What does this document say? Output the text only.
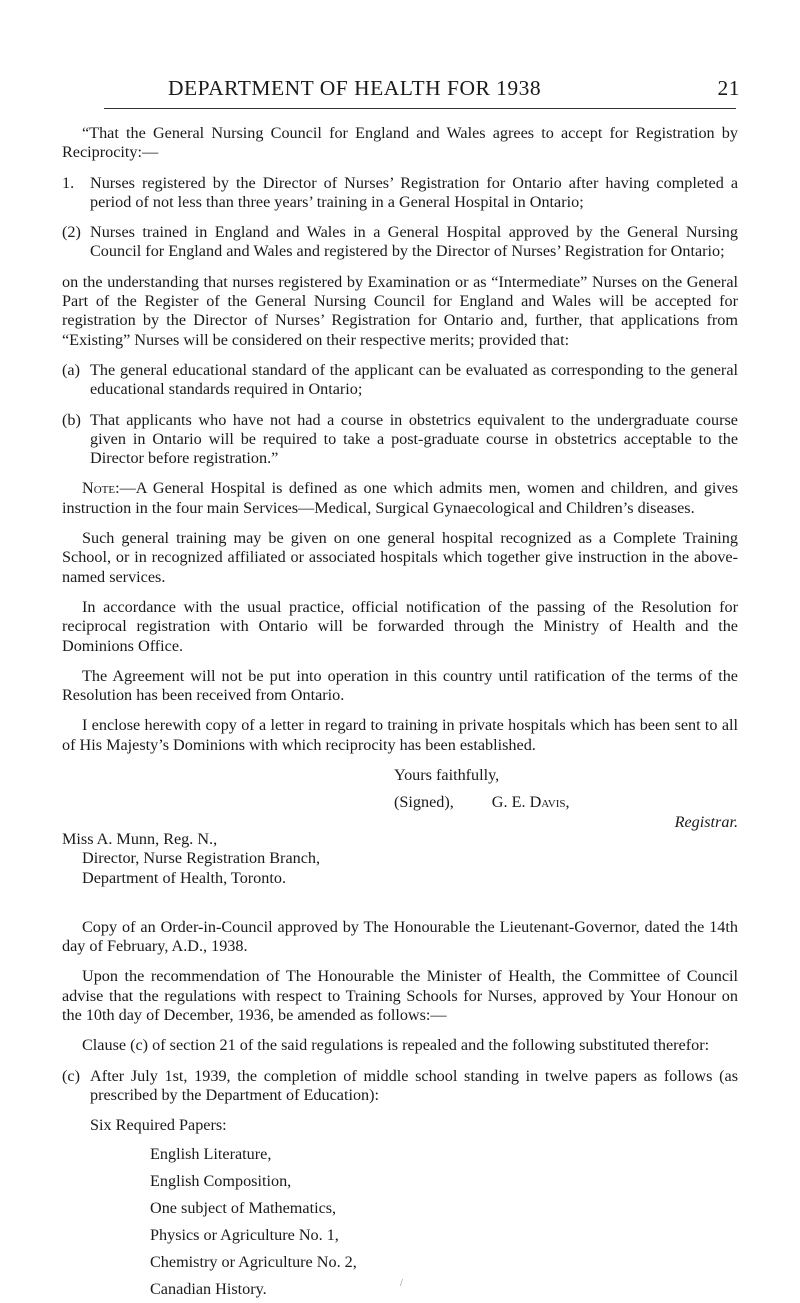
DEPARTMENT OF HEALTH FOR 1938	21

“That the General Nursing Council for England and Wales agrees to accept for Registration by Reciprocity:—

1. Nurses registered by the Director of Nurses’ Registration for Ontario after having completed a period of not less than three years’ training in a General Hospital in Ontario;
(2) Nurses trained in England and Wales in a General Hospital approved by the General Nursing Council for England and Wales and registered by the Director of Nurses’ Registration for Ontario;

on the understanding that nurses registered by Examination or as “Intermediate” Nurses on the General Part of the Register of the General Nursing Council for England and Wales will be accepted for registration by the Director of Nurses’ Registration for Ontario and, further, that applications from “Existing” Nurses will be considered on their respective merits; provided that:

(a) The general educational standard of the applicant can be evaluated as corresponding to the general educational standards required in Ontario;
(b) That applicants who have not had a course in obstetrics equivalent to the undergraduate course given in Ontario will be required to take a post-graduate course in obstetrics acceptable to the Director before registration.”

Note:—A General Hospital is defined as one which admits men, women and children, and gives instruction in the four main Services—Medical, Surgical Gynaecological and Children’s diseases.

Such general training may be given on one general hospital recognized as a Complete Training School, or in recognized affiliated or associated hospitals which together give instruction in the above-named services.

In accordance with the usual practice, official notification of the passing of the Resolution for reciprocal registration with Ontario will be forwarded through the Ministry of Health and the Dominions Office.

The Agreement will not be put into operation in this country until ratification of the terms of the Resolution has been received from Ontario.

I enclose herewith copy of a letter in regard to training in private hospitals which has been sent to all of His Majesty’s Dominions with which reciprocity has been established.

Yours faithfully,
(Signed), G. E. Davis,
Registrar.
Miss A. Munn, Reg. N.,
Director, Nurse Registration Branch,
Department of Health, Toronto.

Copy of an Order-in-Council approved by The Honourable the Lieutenant-Governor, dated the 14th day of February, A.D., 1938.

Upon the recommendation of The Honourable the Minister of Health, the Committee of Council advise that the regulations with respect to Training Schools for Nurses, approved by Your Honour on the 10th day of December, 1936, be amended as follows:—

Clause (c) of section 21 of the said regulations is repealed and the following substituted therefor:

(c) After July 1st, 1939, the completion of middle school standing in twelve papers as follows (as prescribed by the Department of Education):
Six Required Papers:
English Literature,
English Composition,
One subject of Mathematics,
Physics or Agriculture No. 1,
Chemistry or Agriculture No. 2,
Canadian History.	/
